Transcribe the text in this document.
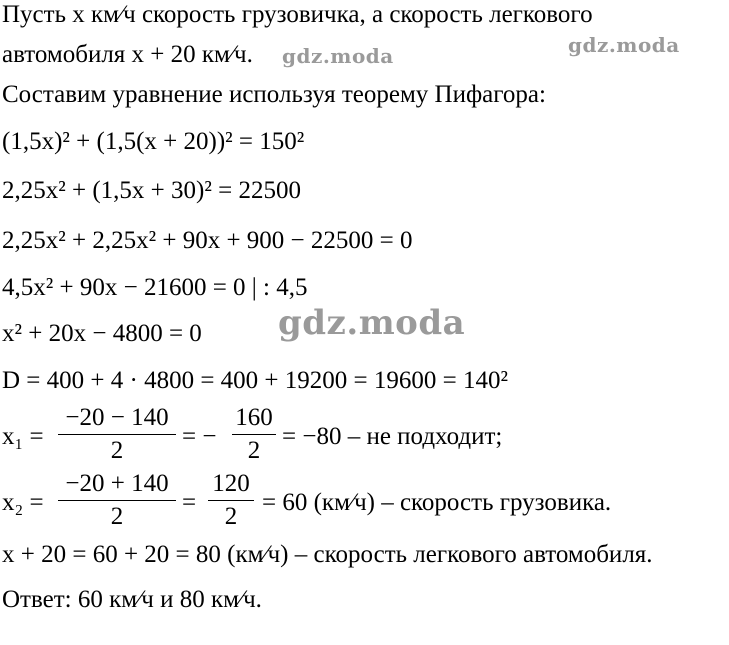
gdz.moda	gdz.moda
gdz.moda
Пусть x км⁄ч скорость грузовичка, а скорость легкового
автомобиля x + 20 км⁄ч.
Составим уравнение используя теорему Пифагора:
(1,5x)² + (1,5(x + 20))² = 150²
2,25x² + (1,5x + 30)² = 22500
2,25x² + 2,25x² + 90x + 900 − 22500 = 0
4,5x² + 90x − 21600 = 0 | : 4,5
x² + 20x − 4800 = 0
D = 400 + 4 · 4800 = 400 + 19200 = 19600 = 140²
x₁ =
−20 − 140
2
= −
160
2
= −80 – не подходит;
x₂ =
−20 + 140
2
=
120
2
= 60 (км⁄ч) – скорость грузовика.
x + 20 = 60 + 20 = 80 (км⁄ч) – скорость легкового автомобиля.
Ответ: 60 км⁄ч и 80 км⁄ч.
